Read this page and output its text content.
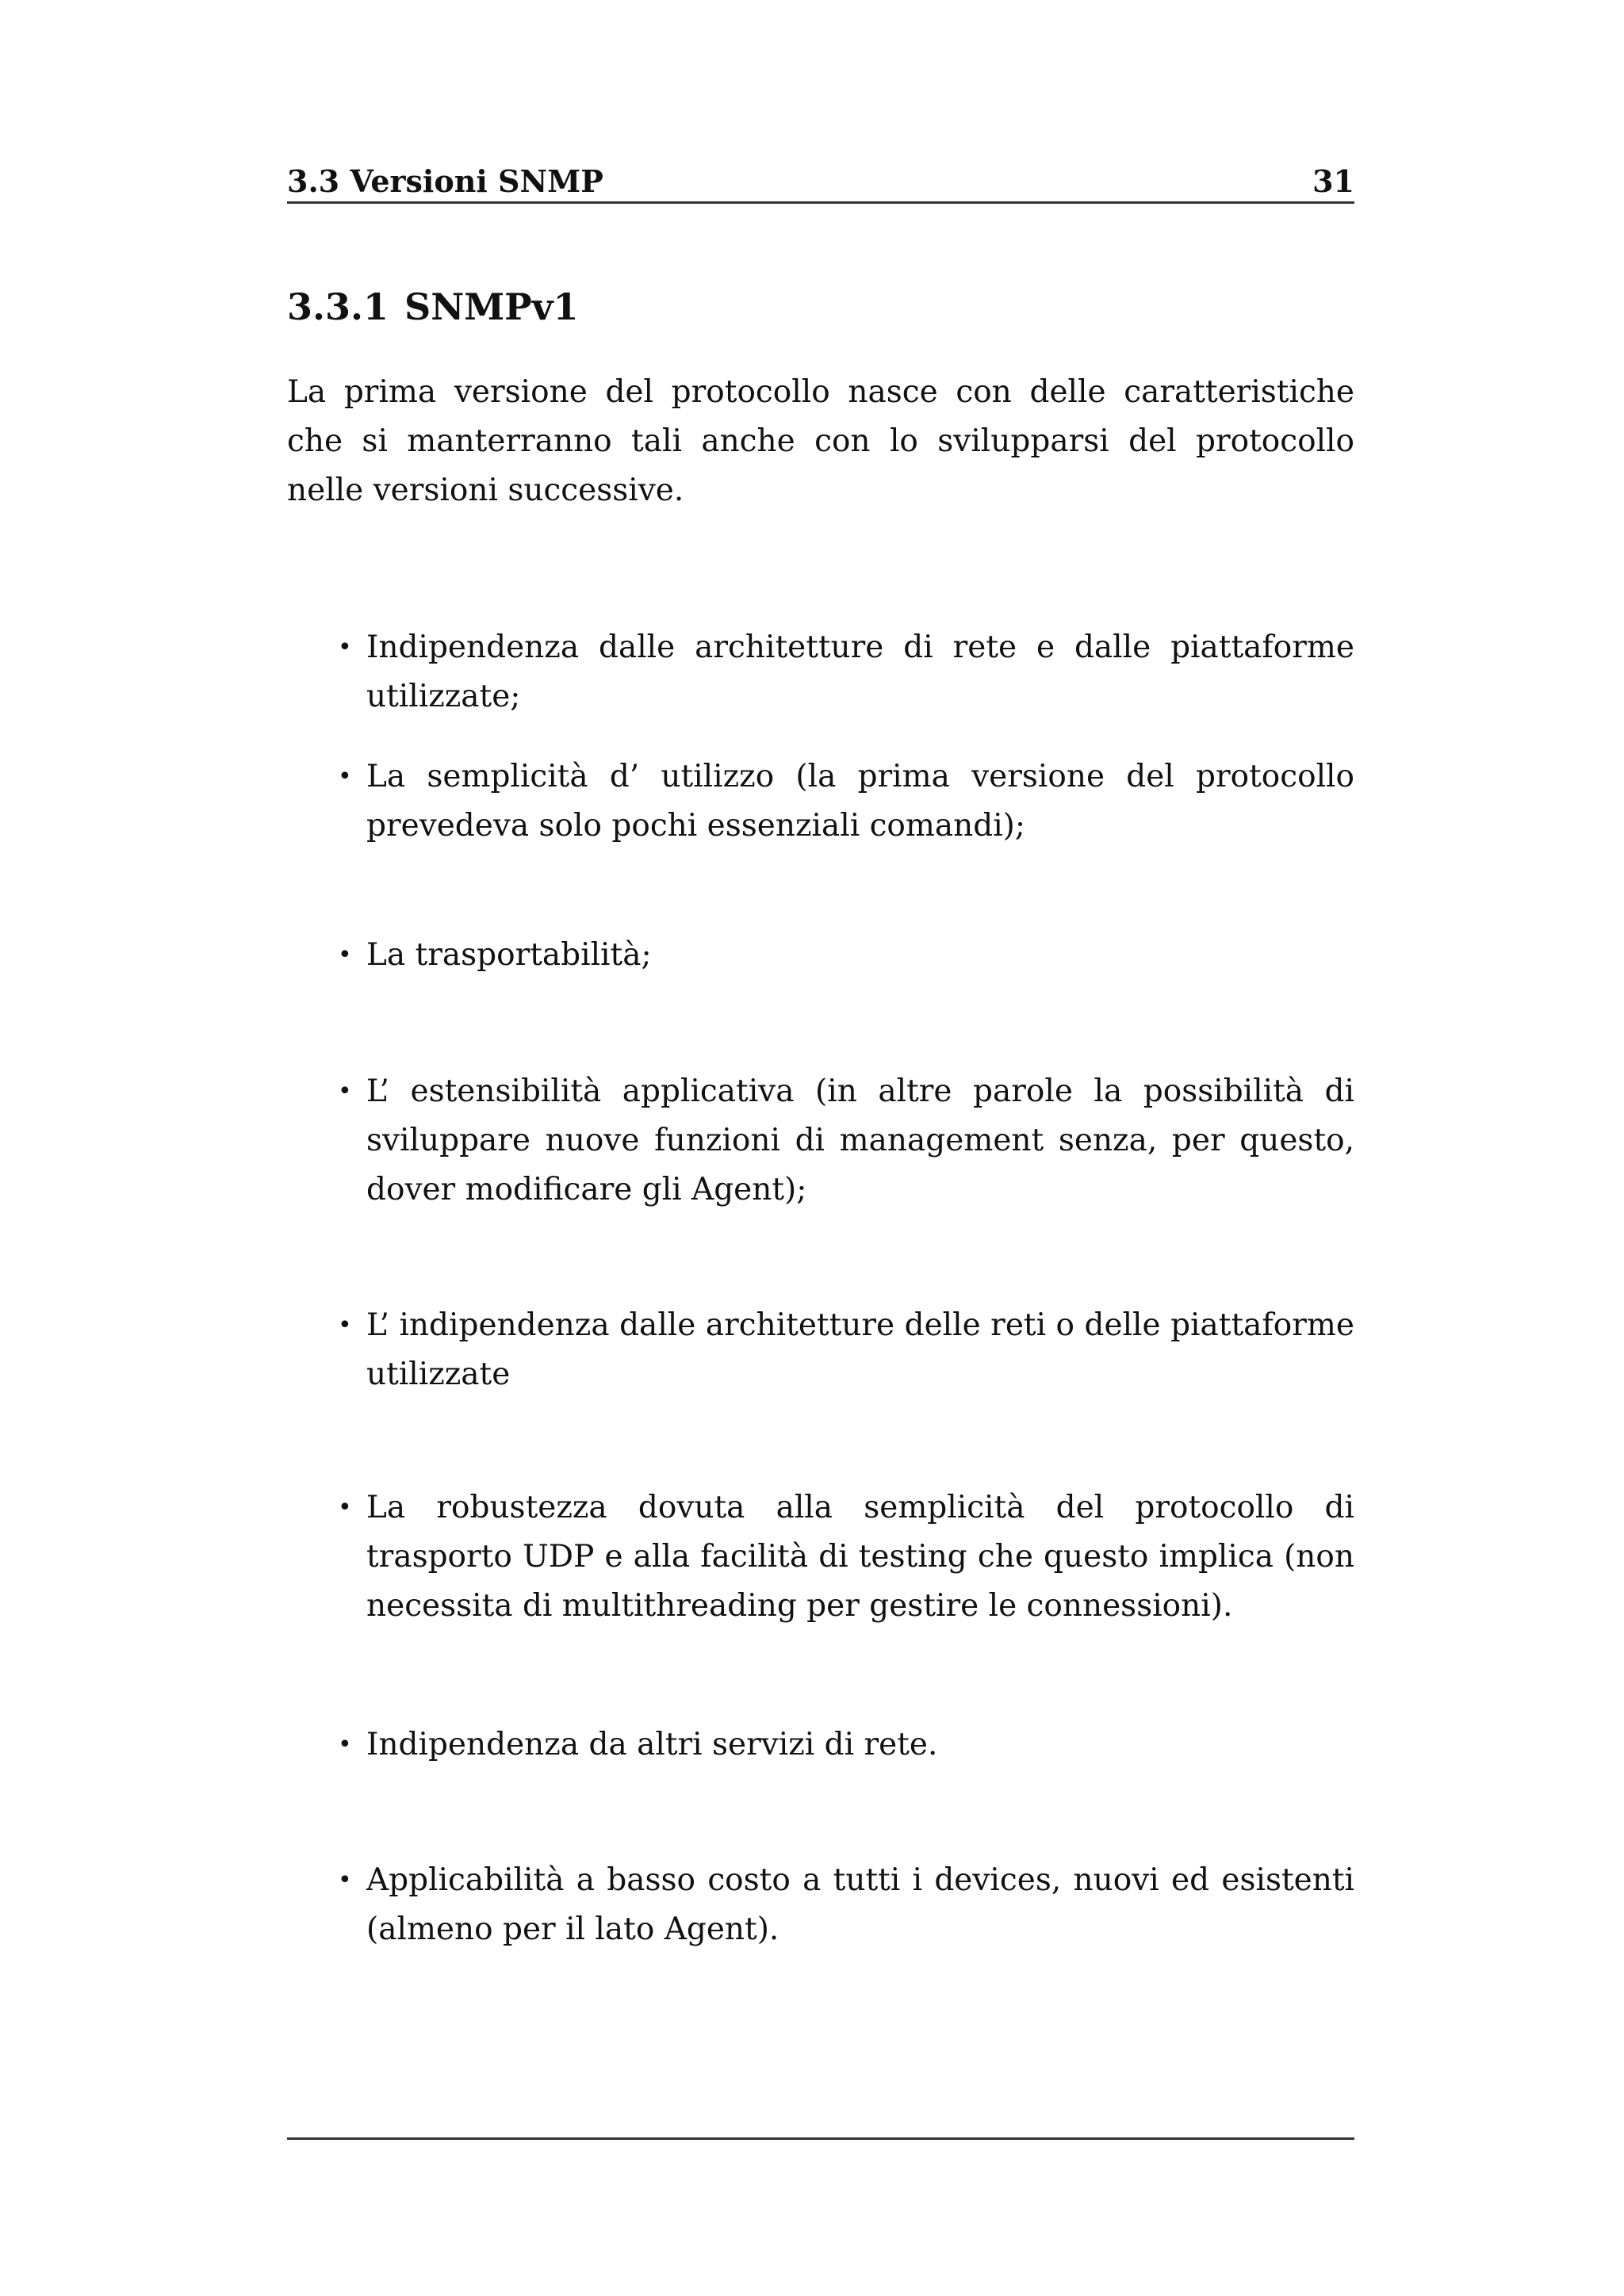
3.3 Versioni SNMP	31
3.3.1 SNMPv1

La prima versione del protocollo nasce con delle caratteristiche che si manterranno tali anche con lo svilupparsi del protocollo nelle versioni successive.

• Indipendenza dalle architetture di rete e dalle piattaforme utilizzate;
• La semplicità d’ utilizzo (la prima versione del protocollo prevedeva solo pochi essenziali comandi);
• La trasportabilità;
• L’ estensibilità applicativa (in altre parole la possibilità di sviluppare nuove funzioni di management senza, per questo, dover modificare gli Agent);
• L’ indipendenza dalle architetture delle reti o delle piattaforme utilizzate
• La robustezza dovuta alla semplicità del protocollo di trasporto UDP e alla facilità di testing che questo implica (non necessita di multithreading per gestire le connessioni).
• Indipendenza da altri servizi di rete.
• Applicabilità a basso costo a tutti i devices, nuovi ed esistenti (almeno per il lato Agent).
